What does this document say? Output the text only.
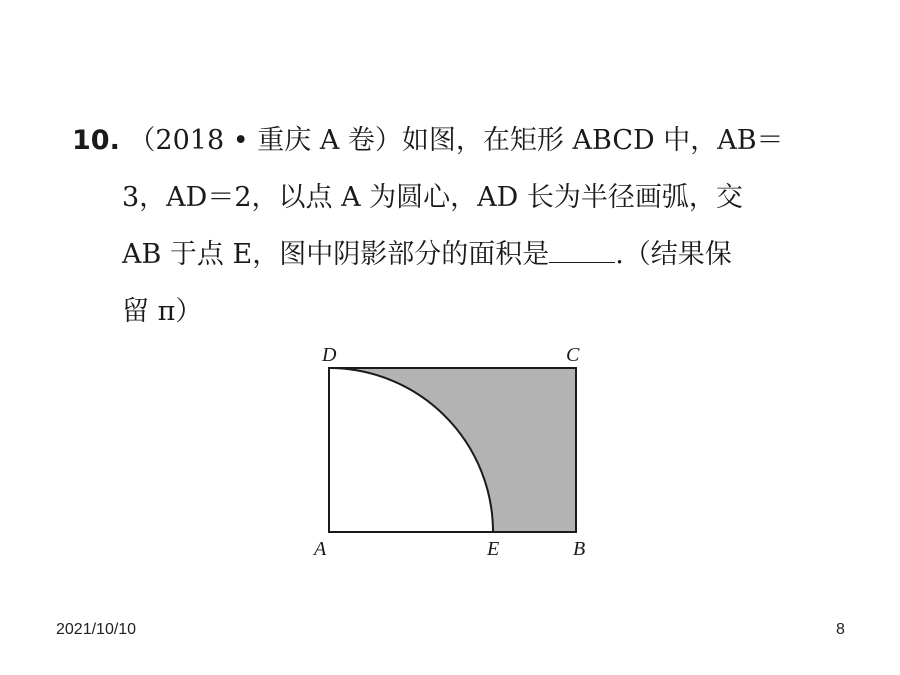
10. （2018 • 重庆 A 卷）如图，在矩形 ABCD 中，AB＝
3，AD＝2，以点 A 为圆心，AD 长为半径画弧，交
AB 于点 E，图中阴影部分的面积是 .（结果保
留 π）
D	C
A	E	B
2021/10/10	8
